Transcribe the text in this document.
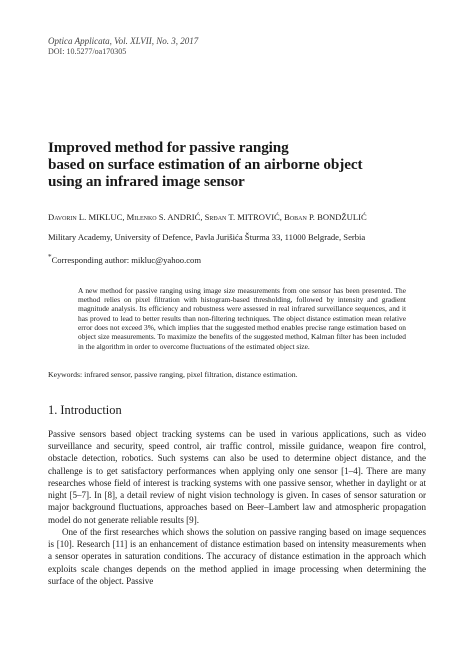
Optica Applicata, Vol. XLVII, No. 3, 2017
DOI: 10.5277/oa170305
Improved method for passive ranging
based on surface estimation of an airborne object
using an infrared image sensor
Davorin L. MIKLUC, Milenko S. ANDRIĆ, Srđan T. MITROVIĆ, Boban P. BONDŽULIĆ
Military Academy, University of Defence, Pavla Jurišića Šturma 33, 11000 Belgrade, Serbia
*Corresponding author: mikluc@yahoo.com
A new method for passive ranging using image size measurements from one sensor has been presented. The method relies on pixel filtration with histogram-based thresholding, followed by intensity and gradient magnitude analysis. Its efficiency and robustness were assessed in real infrared surveillance sequences, and it has proved to lead to better results than non-filtering techniques. The object distance estimation mean relative error does not exceed 3%, which implies that the suggested method enables precise range estimation based on object size measurements. To maximize the benefits of the suggested method, Kalman filter has been included in the algorithm in order to overcome fluctuations of the estimated object size.
Keywords: infrared sensor, passive ranging, pixel filtration, distance estimation.
1. Introduction

Passive sensors based object tracking systems can be used in various applications, such as video surveillance and security, speed control, air traffic control, missile guidance, weapon fire control, obstacle detection, robotics. Such systems can also be used to determine object distance, and the challenge is to get satisfactory performances when applying only one sensor [1–4]. There are many researches whose field of interest is tracking systems with one passive sensor, whether in daylight or at night [5–7]. In [8], a detail review of night vision technology is given. In cases of sensor saturation or major background fluctuations, approaches based on Beer–Lambert law and atmospheric propagation model do not generate reliable results [9].

One of the first researches which shows the solution on passive ranging based on image sequences is [10]. Research [11] is an enhancement of distance estimation based on intensity measurements when a sensor operates in saturation conditions. The accuracy of distance estimation in the approach which exploits scale changes depends on the method applied in image processing when determining the surface of the object. Passive
